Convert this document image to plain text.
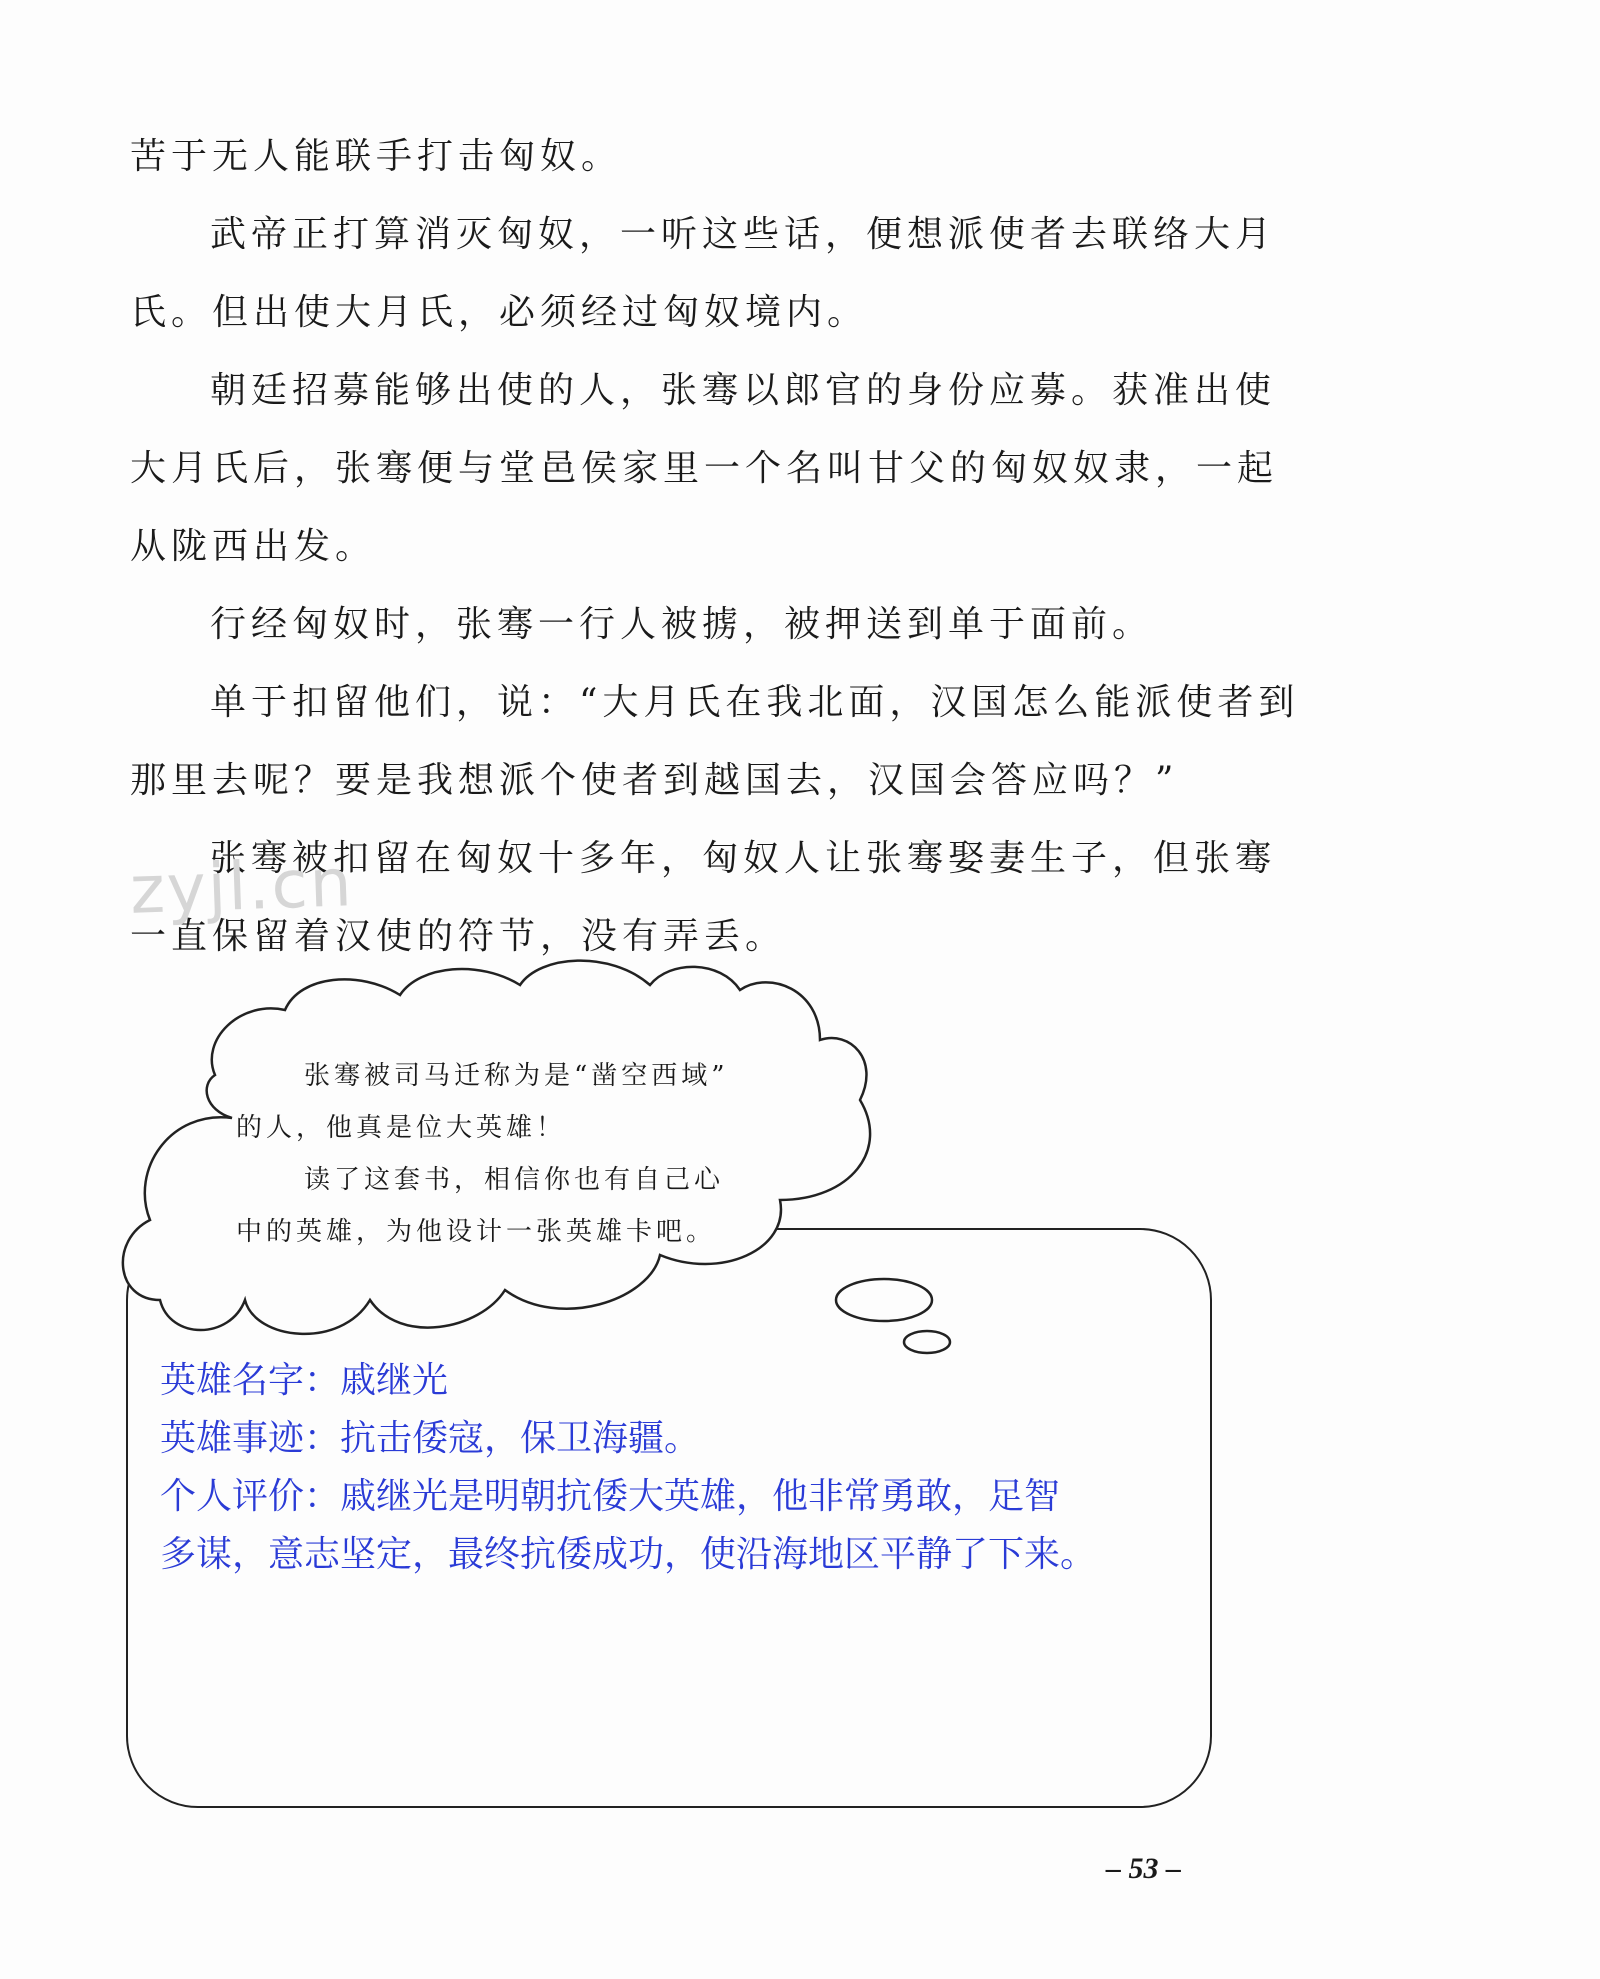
苦于无人能联手打击匈奴。

武帝正打算消灭匈奴，一听这些话，便想派使者去联络大月

氏。但出使大月氏，必须经过匈奴境内。

朝廷招募能够出使的人，张骞以郎官的身份应募。获准出使

大月氏后，张骞便与堂邑侯家里一个名叫甘父的匈奴奴隶，一起

从陇西出发。

行经匈奴时，张骞一行人被掳，被押送到单于面前。

单于扣留他们，说：“大月氏在我北面，汉国怎么能派使者到

那里去呢？要是我想派个使者到越国去，汉国会答应吗？”

张骞被扣留在匈奴十多年，匈奴人让张骞娶妻生子，但张骞

一直保留着汉使的符节，没有弄丢。

zyjl.cn

张骞被司马迁称为是“凿空西域”

的人，他真是位大英雄！

读了这套书，相信你也有自己心

中的英雄，为他设计一张英雄卡吧。

英雄名字：戚继光

英雄事迹：抗击倭寇，保卫海疆。

个人评价：戚继光是明朝抗倭大英雄，他非常勇敢，足智

多谋，意志坚定，最终抗倭成功，使沿海地区平静了下来。

– 53 –
